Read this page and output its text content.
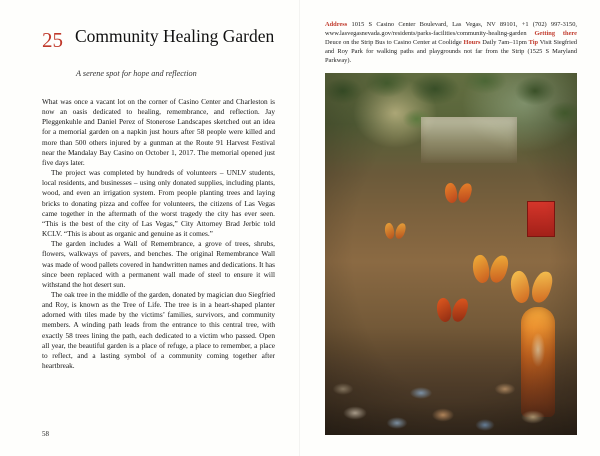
25 Community Healing Garden
A serene spot for hope and reflection

What was once a vacant lot on the corner of Casino Center and Charleston is now an oasis dedicated to healing, remembrance, and reflection. Jay Pleggenkuhle and Daniel Perez of Stonerose Landscapes sketched out an idea for a memorial garden on a napkin just hours after 58 people were killed and more than 500 others injured by a gunman at the Route 91 Harvest Festival near the Mandalay Bay Casino on October 1, 2017. The memorial opened just five days later.

The project was completed by hundreds of volunteers – UNLV students, local residents, and businesses – using only donated supplies, including plants, wood, and even an irrigation system. From people planting trees and laying bricks to donating pizza and coffee for volunteers, the citizens of Las Vegas came together in the aftermath of the worst tragedy the city has ever seen. “This is the best of the city of Las Vegas,” City Attorney Brad Jerbic told KCLV. “This is about as organic and genuine as it comes.”

The garden includes a Wall of Remembrance, a grove of trees, shrubs, flowers, walkways of pavers, and benches. The original Remembrance Wall was made of wood pallets covered in handwritten names and dedications. It has since been replaced with a permanent wall made of steel to ensure it will withstand the hot desert sun.

The oak tree in the middle of the garden, donated by magician duo Siegfried and Roy, is known as the Tree of Life. The tree is in a heart-shaped planter adorned with tiles made by the victims’ families, survivors, and community members. A winding path leads from the entrance to this central tree, with exactly 58 trees lining the path, each dedicated to a victim who passed. Open all year, the beautiful garden is a place of refuge, a place to remember, a place to reflect, and a lasting symbol of a community coming together after heartbreak.

58
Address 1015 S Casino Center Boulevard, Las Vegas, NV 89101, +1 (702) 997-3150, www.lasvegasnevada.gov/residents/parks-facilities/community-healing-garden Getting there Deuce on the Strip Bus to Casino Center at Coolidge Hours Daily 7am–11pm Tip Visit Siegfried and Roy Park for walking paths and playgrounds not far from the Strip (1525 S Maryland Parkway).
